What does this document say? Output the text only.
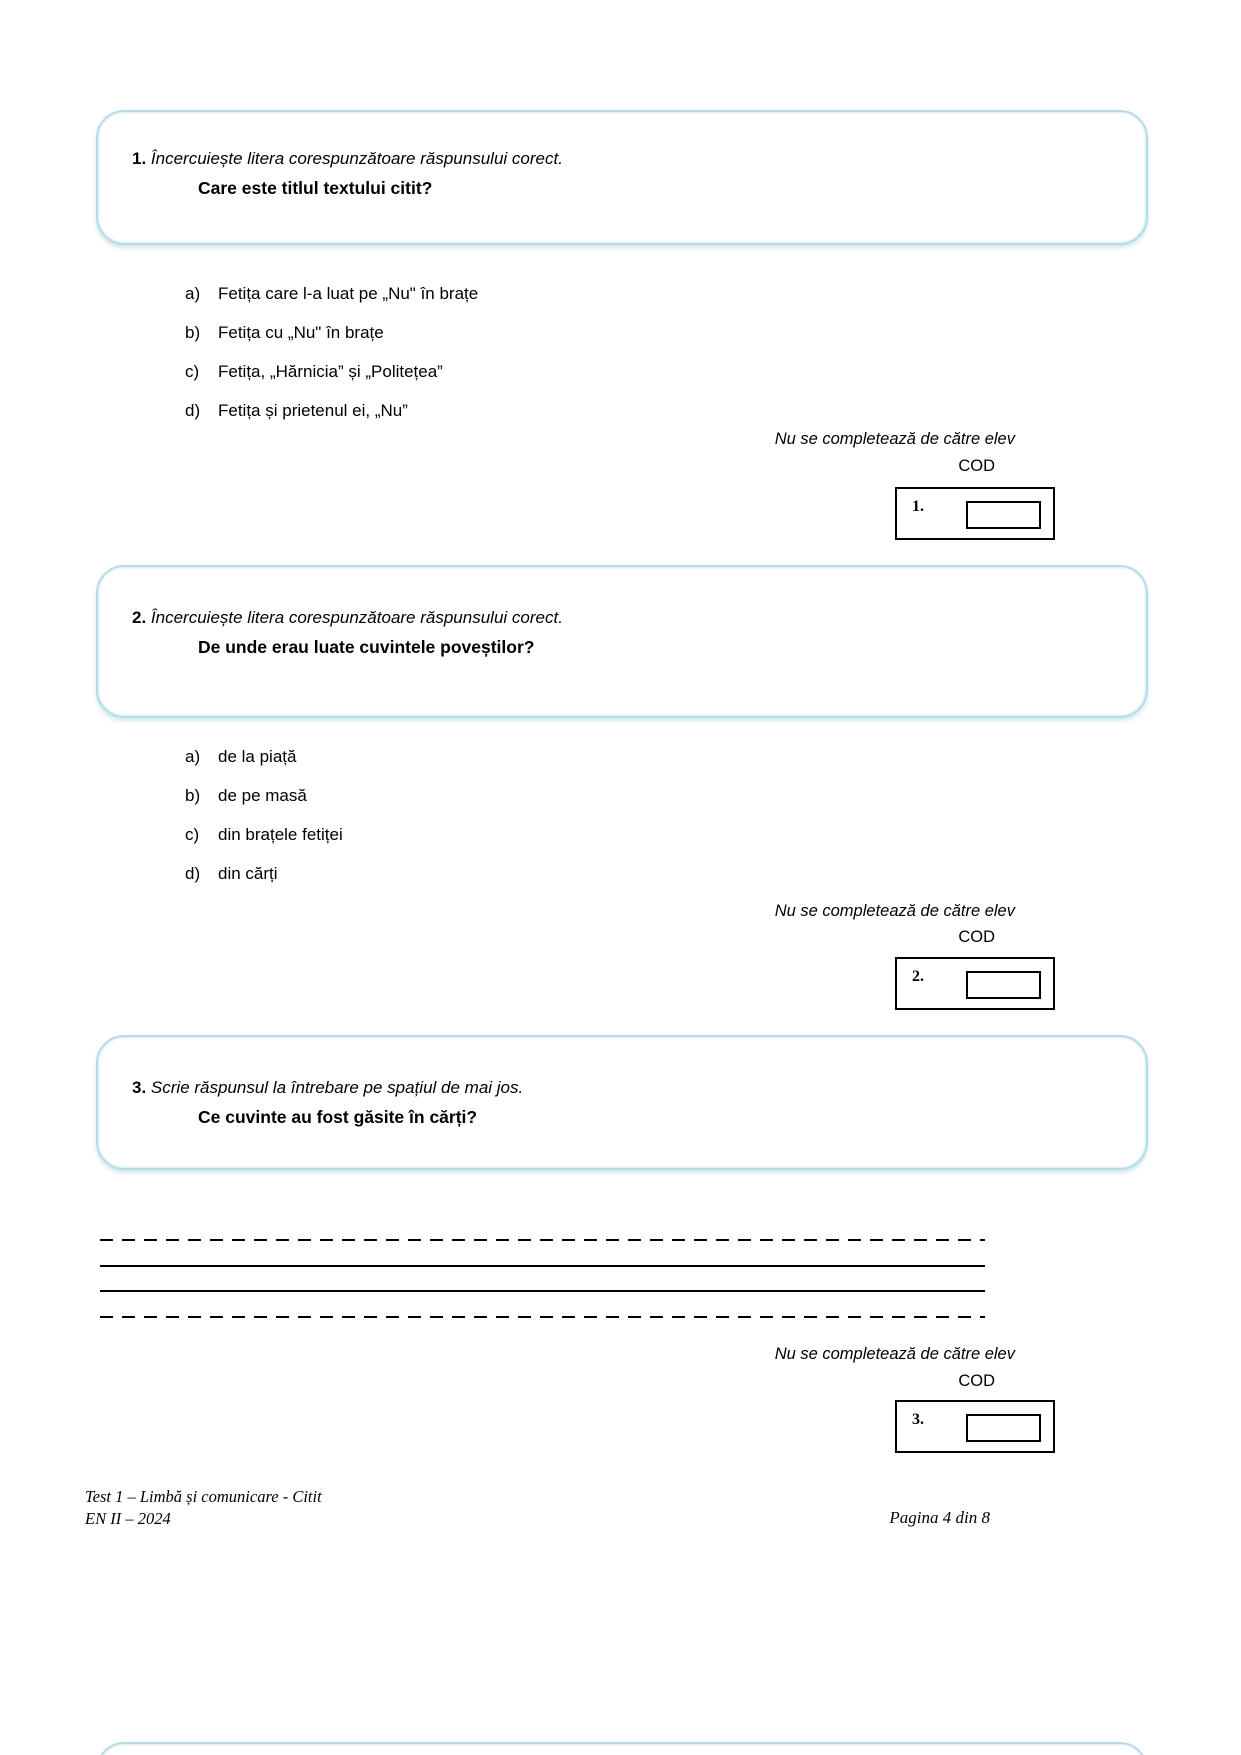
1. Încercuiește litera corespunzătoare răspunsului corect.
Care este titlul textului citit?
a)	Fetița care l-a luat pe „Nu" în brațe
b)	Fetița cu „Nu" în brațe
c)	Fetița, „Hărnicia” și „Politețea”
d)	Fetița și prietenul ei, „Nu”
Nu se completează de către elev
COD
1.
2. Încercuiește litera corespunzătoare răspunsului corect.
De unde erau luate cuvintele poveștilor?
a)	de la piață
b)	de pe masă
c)	din brațele fetiței
d)	din cărți
Nu se completează de către elev
COD
2.
3. Scrie răspunsul la întrebare pe spațiul de mai jos.
Ce cuvinte au fost găsite în cărți?
Nu se completează de către elev
COD
3.
Test 1 – Limbă și comunicare - Citit
EN II – 2024	Pagina 4 din 8
